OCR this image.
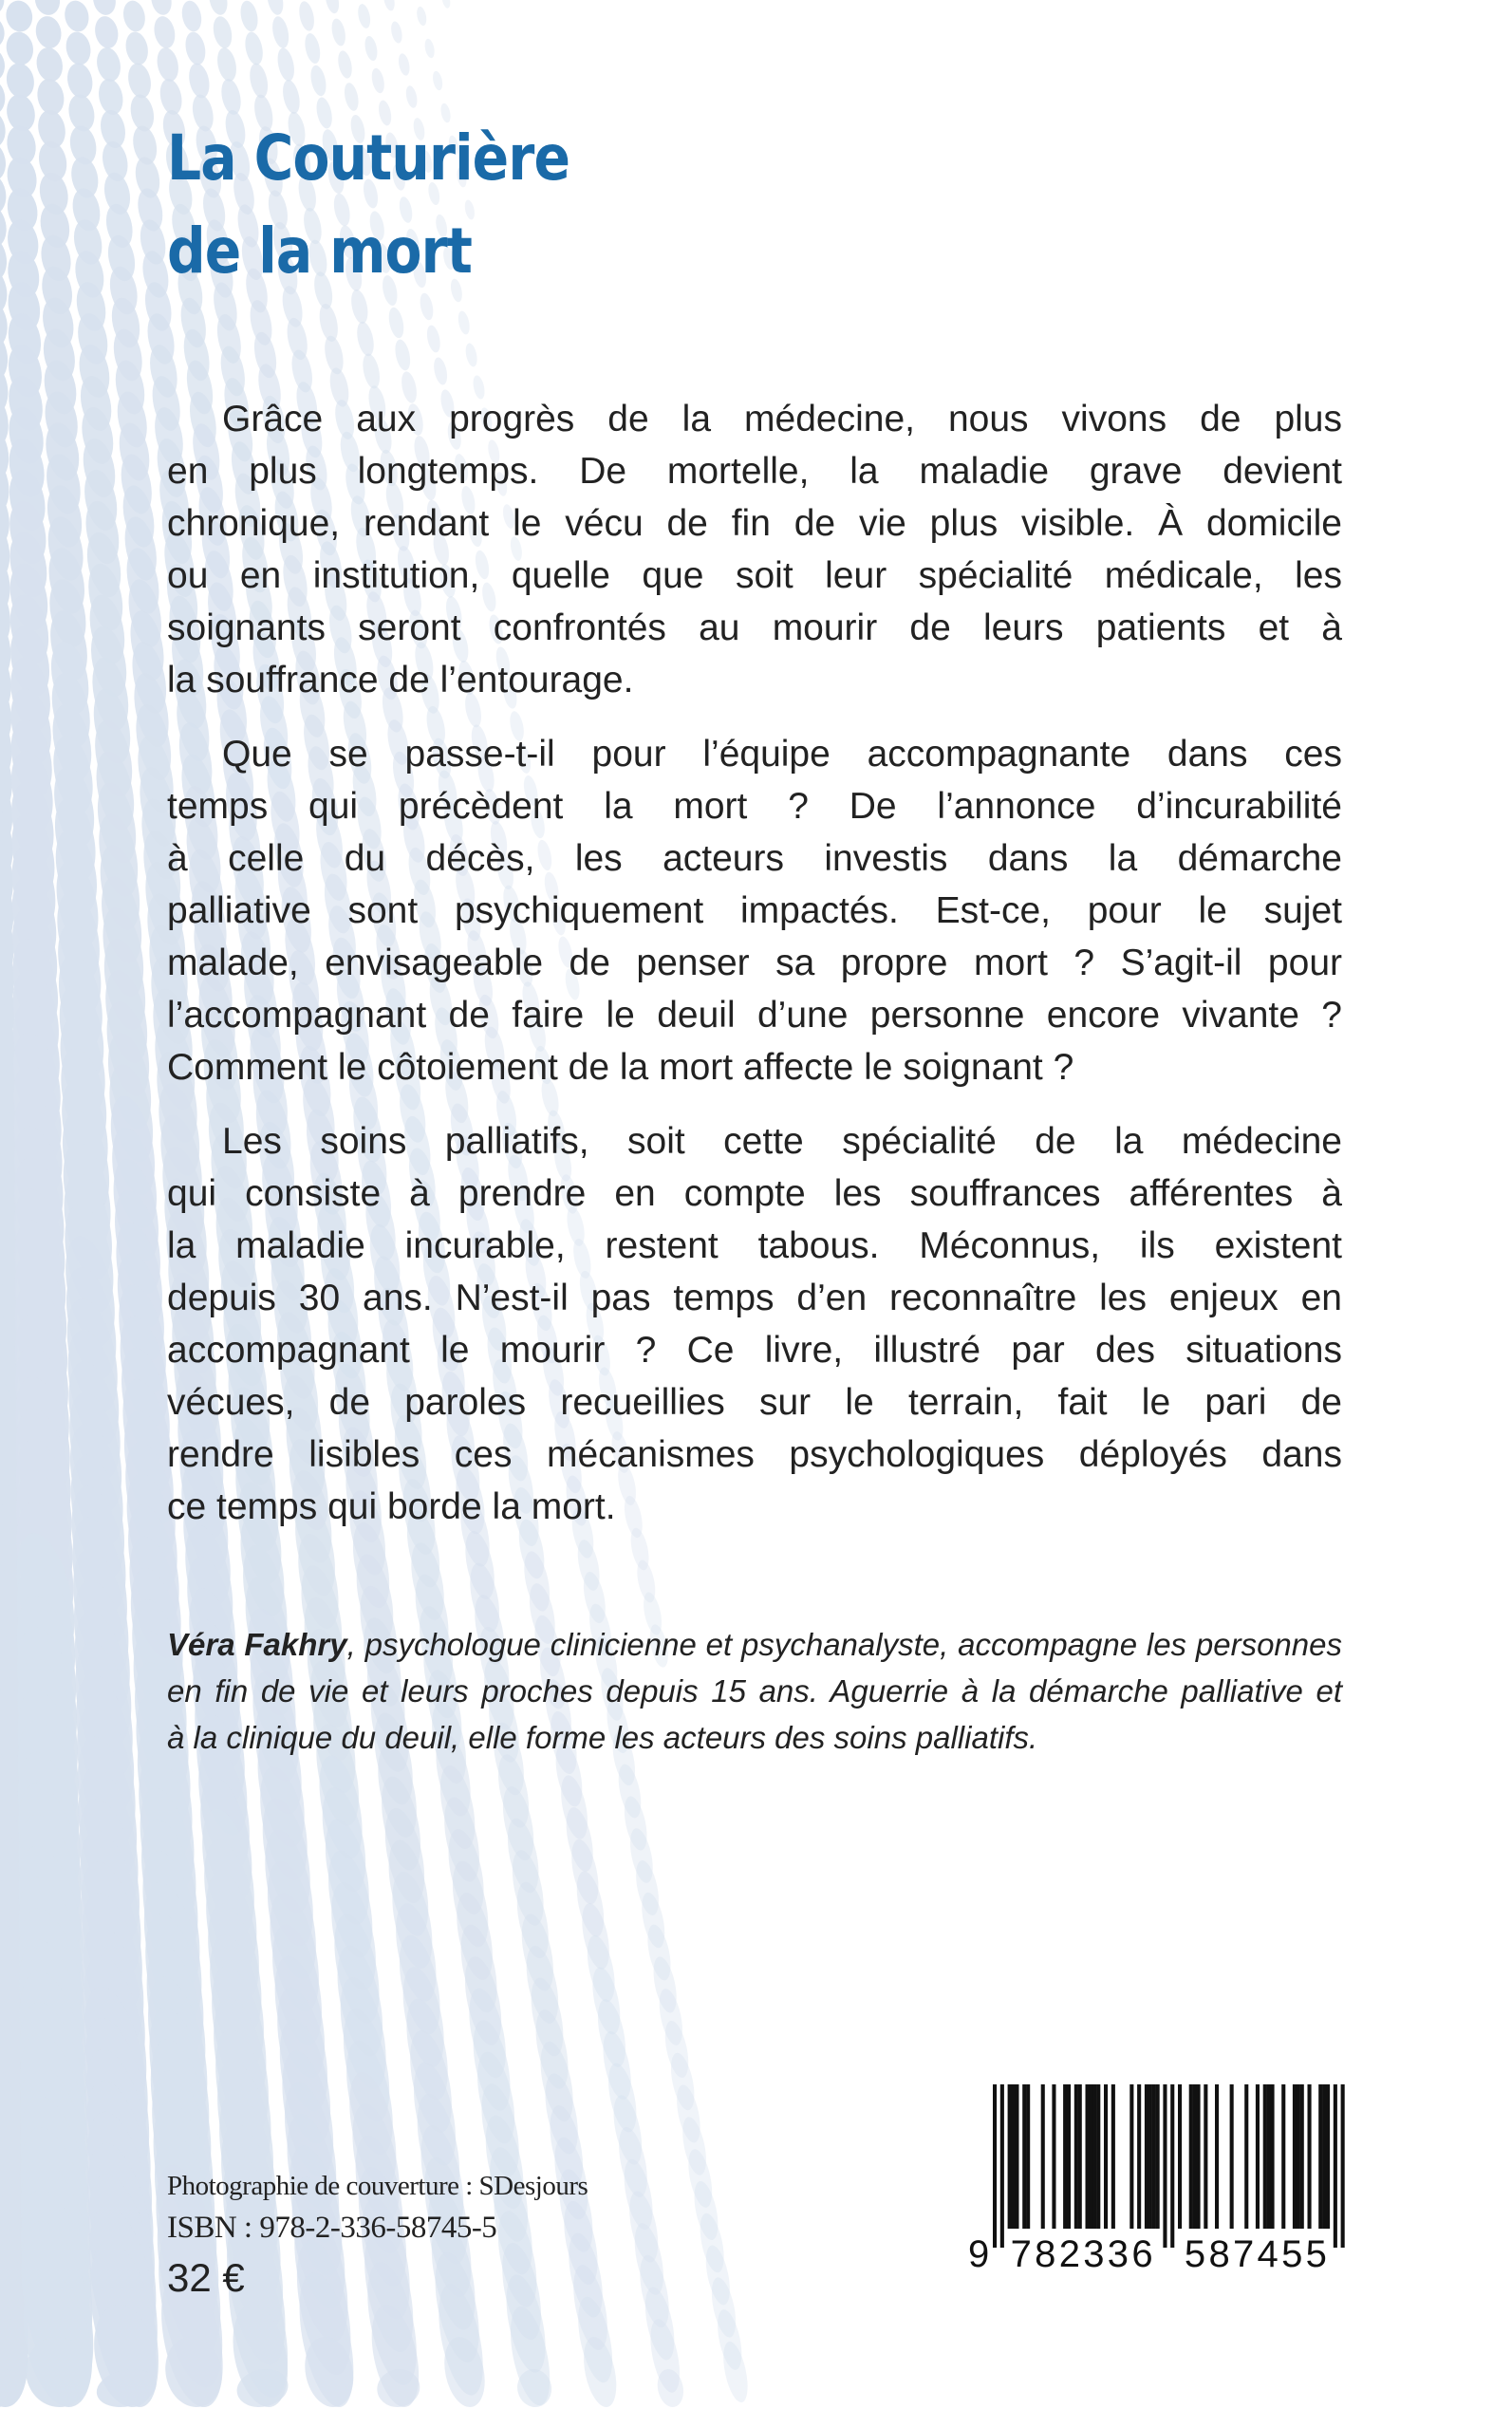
La Couturière
de la mort
Grâce aux progrès de la médecine, nous vivons de plus
en plus longtemps. De mortelle, la maladie grave devient
chronique, rendant le vécu de fin de vie plus visible. À domicile
ou en institution, quelle que soit leur spécialité médicale, les
soignants seront confrontés au mourir de leurs patients et à
la souffrance de l’entourage.
Que se passe-t-il pour l’équipe accompagnante dans ces
temps qui précèdent la mort ? De l’annonce d’incurabilité
à celle du décès, les acteurs investis dans la démarche
palliative sont psychiquement impactés. Est-ce, pour le sujet
malade, envisageable de penser sa propre mort ? S’agit-il pour
l’accompagnant de faire le deuil d’une personne encore vivante ?
Comment le côtoiement de la mort affecte le soignant ?
Les soins palliatifs, soit cette spécialité de la médecine
qui consiste à prendre en compte les souffrances afférentes à
la maladie incurable, restent tabous. Méconnus, ils existent
depuis 30 ans. N’est-il pas temps d’en reconnaître les enjeux en
accompagnant le mourir ? Ce livre, illustré par des situations
vécues, de paroles recueillies sur le terrain, fait le pari de
rendre lisibles ces mécanismes psychologiques déployés dans
ce temps qui borde la mort.
Véra Fakhry, psychologue clinicienne et psychanalyste, accompagne les personnes
en fin de vie et leurs proches depuis 15 ans. Aguerrie à la démarche palliative et
à la clinique du deuil, elle forme les acteurs des soins palliatifs.
Photographie de couverture : SDesjours
ISBN : 978-2-336-58745-5
32 €
9 782336 587455
